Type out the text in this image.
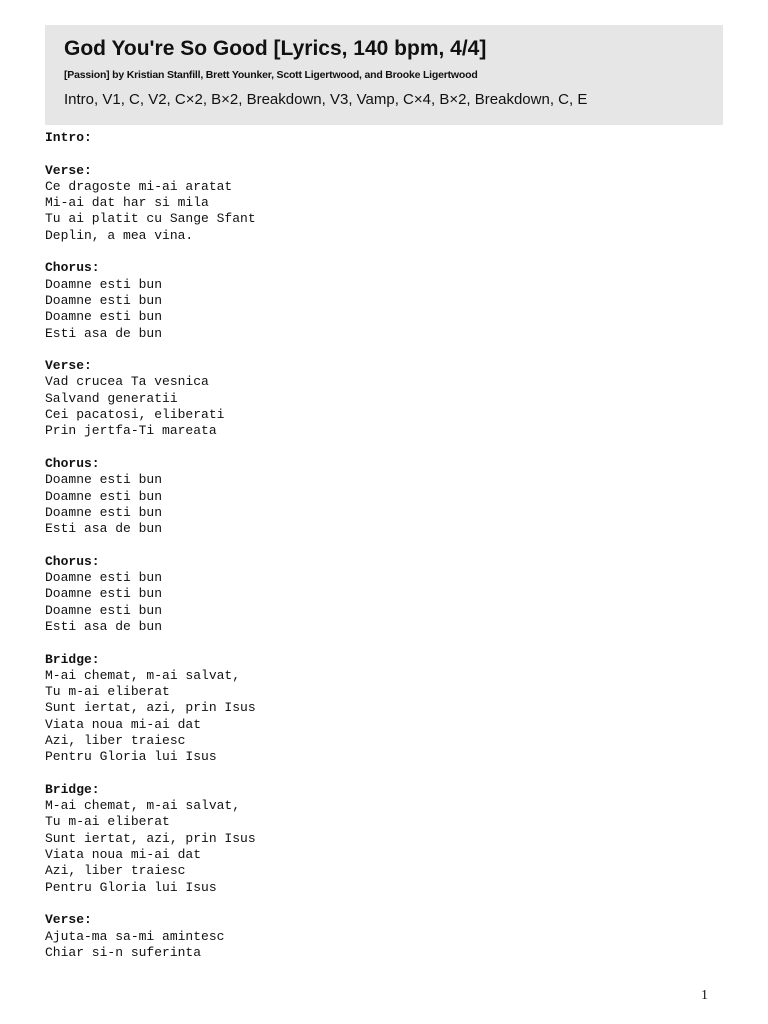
God You're So Good [Lyrics, 140 bpm, 4/4]
[Passion] by Kristian Stanfill, Brett Younker, Scott Ligertwood, and Brooke Ligertwood
Intro, V1, C, V2, C×2, B×2, Breakdown, V3, Vamp, C×4, B×2, Breakdown, C, E
Intro:
Verse:
Ce dragoste mi-ai aratat
Mi-ai dat har si mila
Tu ai platit cu Sange Sfant
Deplin, a mea vina.
Chorus:
Doamne esti bun
Doamne esti bun
Doamne esti bun
Esti asa de bun
Verse:
Vad crucea Ta vesnica
Salvand generatii
Cei pacatosi, eliberati
Prin jertfa-Ti mareata
Chorus:
Doamne esti bun
Doamne esti bun
Doamne esti bun
Esti asa de bun
Chorus:
Doamne esti bun
Doamne esti bun
Doamne esti bun
Esti asa de bun
Bridge:
M-ai chemat, m-ai salvat,
Tu m-ai eliberat
Sunt iertat, azi, prin Isus
Viata noua mi-ai dat
Azi, liber traiesc
Pentru Gloria lui Isus
Bridge:
M-ai chemat, m-ai salvat,
Tu m-ai eliberat
Sunt iertat, azi, prin Isus
Viata noua mi-ai dat
Azi, liber traiesc
Pentru Gloria lui Isus
Verse:
Ajuta-ma sa-mi amintesc
Chiar si-n suferinta
1
